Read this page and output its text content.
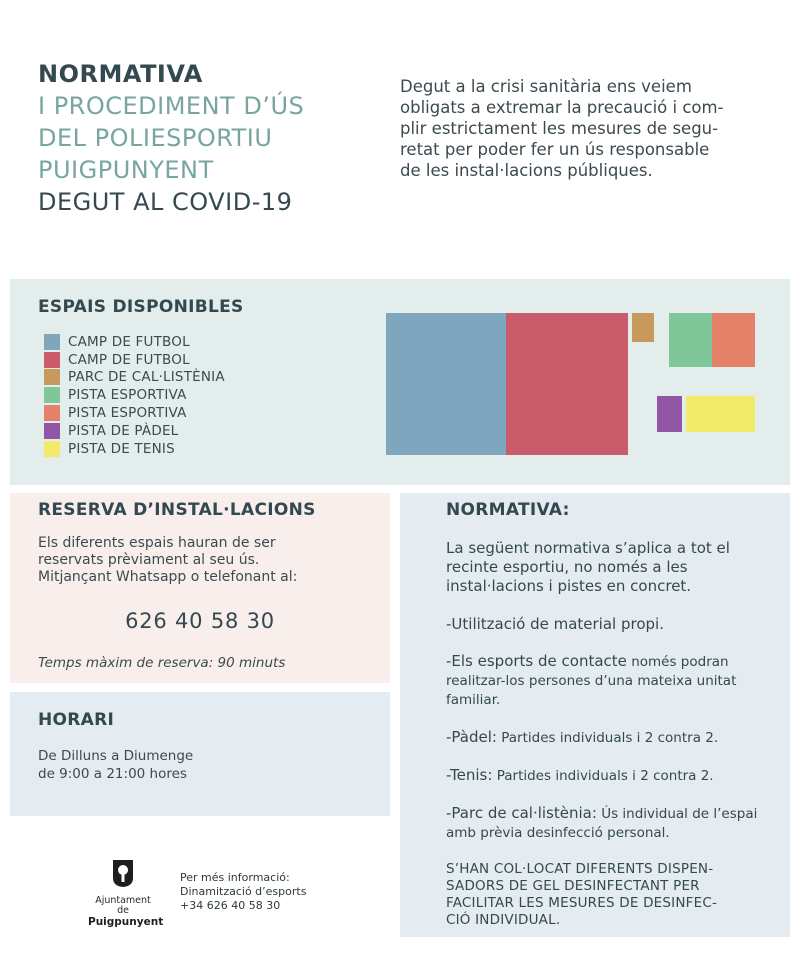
NORMATIVA
I PROCEDIMENT D’ÚS
DEL POLIESPORTIU
PUIGPUNYENT
DEGUT AL COVID-19
Degut a la crisi sanitària ens veiem
obligats a extremar la precaució i com-
plir estrictament les mesures de segu-
retat per poder fer un ús responsable
de les instal·lacions públiques.
ESPAIS DISPONIBLES
CAMP DE FUTBOL
CAMP DE FUTBOL
PARC DE CAL·LISTÈNIA
PISTA ESPORTIVA
PISTA ESPORTIVA
PISTA DE PÀDEL
PISTA DE TENIS
RESERVA D’INSTAL·LACIONS
Els diferents espais hauran de ser
reservats prèviament al seu ús.
Mitjançant Whatsapp o telefonant al:
626 40 58 30
Temps màxim de reserva: 90 minuts
HORARI
De Dilluns a Diumenge
de 9:00 a 21:00 hores
NORMATIVA:
La següent normativa s’aplica a tot el
recinte esportiu, no només a les
instal·lacions i pistes en concret.

-Utilització de material propi.

-Els esports de contacte només podran realitzar-los persones d’una mateixa unitat familiar.

-Pàdel: Partides individuals i 2 contra 2.

-Tenis: Partides individuals i 2 contra 2.

-Parc de cal·listènia: Ús individual de l’espai amb prèvia desinfecció personal.

S’HAN COL·LOCAT DIFERENTS DISPEN-
SADORS DE GEL DESINFECTANT PER
FACILITAR LES MESURES DE DESINFEC-
CIÓ INDIVIDUAL.
Ajuntament de
Puigpunyent
Per més informació:
Dinamització d’esports
+34 626 40 58 30
